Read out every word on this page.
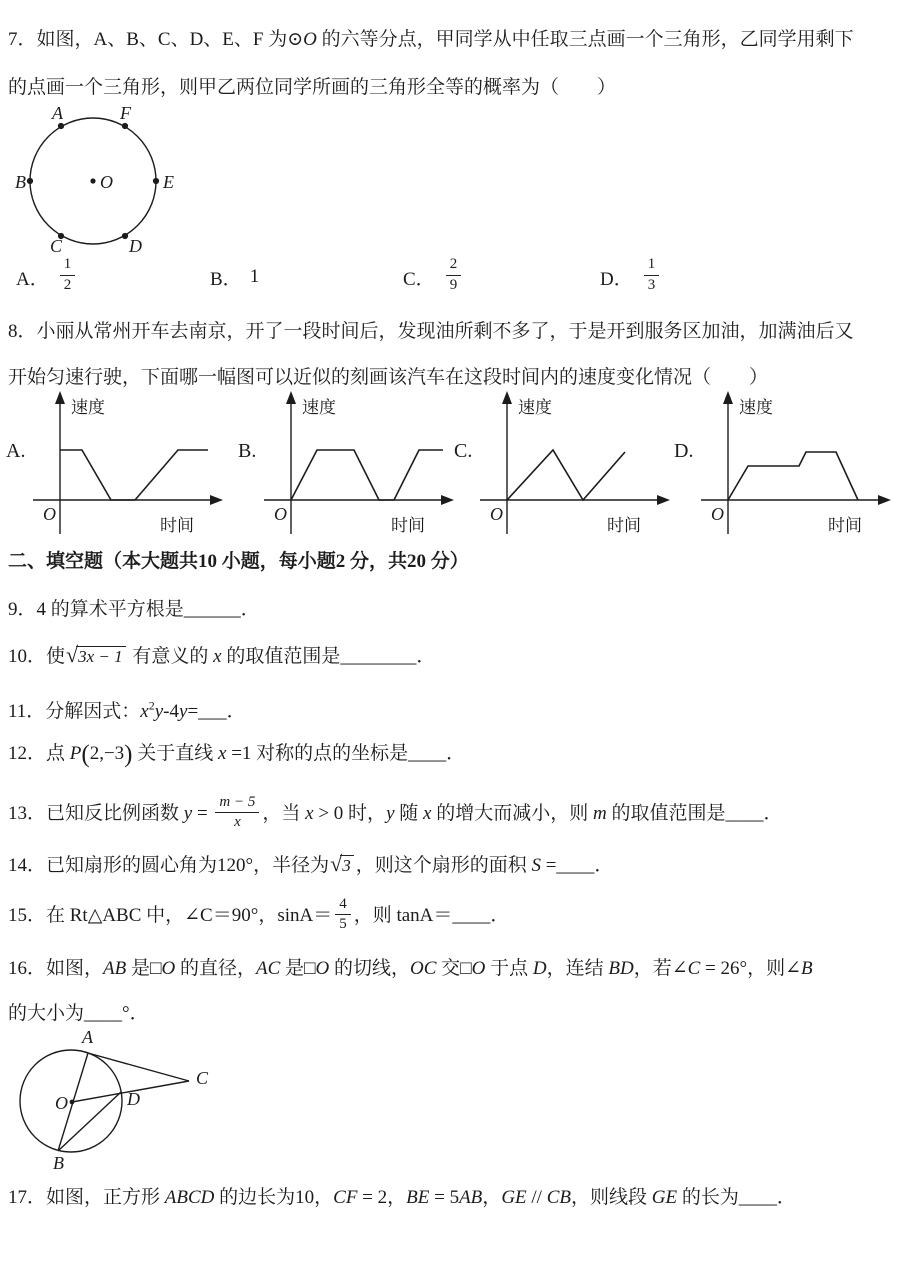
7．如图，A、B、C、D、E、F 为⊙O 的六等分点，甲同学从中任取三点画一个三角形，乙同学用剩下
的点画一个三角形，则甲乙两位同学所画的三角形全等的概率为（　　）
A	F
B	E
C	D
O
A． $\frac{1}{2}$	B． 1	C． $\frac{2}{9}$	D． $\frac{1}{3}$
8．小丽从常州开车去南京，开了一段时间后，发现油所剩不多了，于是开到服务区加油，加满油后又
开始匀速行驶，下面哪一幅图可以近似的刻画该汽车在这段时间内的速度变化情况（　　）
A.
速度
时间
O
B.
速度
时间
O
C.
速度
时间
O
D.
速度
时间
O
二、填空题（本大题共10 小题，每小题2 分，共20 分）
9．4 的算术平方根是______．
10．使 √ 3x − 1 有意义的 x 的取值范围是________．
11．分解因式：$x^2y-4y=\_\_\_$．
12．点 P(2,−3) 关于直线 x =1 对称的点的坐标是____．
13．已知反比例函数 $y = \frac{m - 5}{x}$ ，当 x > 0 时，y 随 x 的增大而减小，则 m 的取值范围是____．
14．已知扇形的圆心角为120°，半径为 √ 3 ，则这个扇形的面积 S =____．
15．在 Rt△ABC 中，∠C＝90°，$\sin A= \frac{4}{5}$ ，则 tanA＝____．
16．如图，AB 是□O 的直径，AC 是□O 的切线，OC 交□O 于点 D，连结 BD，若∠C = 26°，则∠B
的大小为____°．
A
B
C
D
O
17．如图，正方形 ABCD 的边长为10，CF = 2，BE = 5AB，GE // CB，则线段 GE 的长为____．
